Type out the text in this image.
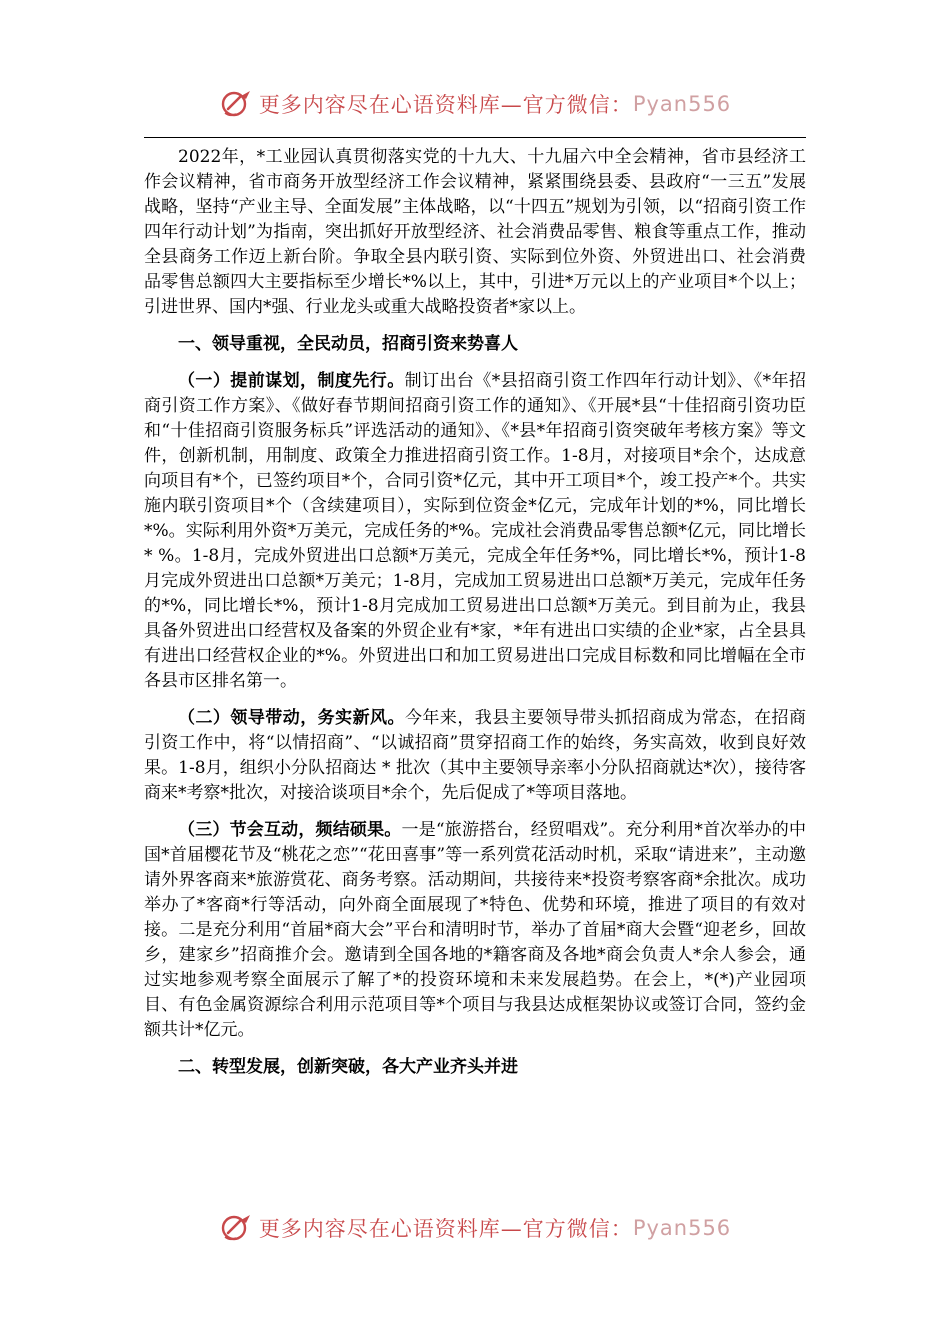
更多内容尽在心语资料库—官方微信： Pyan556

2022年，*工业园认真贯彻落实党的十九大、十九届六中全会精神，省市县经济工作会议精神，省市商务开放型经济工作会议精神，紧紧围绕县委、县政府“一三五”发展战略，坚持“产业主导、全面发展”主体战略，以“十四五”规划为引领，以“招商引资工作四年行动计划”为指南，突出抓好开放型经济、社会消费品零售、粮食等重点工作，推动全县商务工作迈上新台阶。争取全县内联引资、实际到位外资、外贸进出口、社会消费品零售总额四大主要指标至少增长*%以上，其中，引进*万元以上的产业项目*个以上；引进世界、国内*强、行业龙头或重大战略投资者*家以上。

一、领导重视，全民动员，招商引资来势喜人

（一）提前谋划，制度先行。制订出台《*县招商引资工作四年行动计划》、《*年招商引资工作方案》、《做好春节期间招商引资工作的通知》、《开展*县“十佳招商引资功臣和“十佳招商引资服务标兵”评选活动的通知》、《*县*年招商引资突破年考核方案》等文件，创新机制，用制度、政策全力推进招商引资工作。1-8月，对接项目*余个，达成意向项目有*个，已签约项目*个，合同引资*亿元，其中开工项目*个，竣工投产*个。共实施内联引资项目*个（含续建项目），实际到位资金*亿元，完成年计划的*%，同比增长*%。实际利用外资*万美元，完成任务的*%。完成社会消费品零售总额*亿元，同比增长* %。1-8月，完成外贸进出口总额*万美元，完成全年任务*%，同比增长*%，预计1-8月完成外贸进出口总额*万美元；1-8月，完成加工贸易进出口总额*万美元，完成年任务的*%，同比增长*%，预计1-8月完成加工贸易进出口总额*万美元。到目前为止，我县具备外贸进出口经营权及备案的外贸企业有*家，*年有进出口实绩的企业*家，占全县具有进出口经营权企业的*%。外贸进出口和加工贸易进出口完成目标数和同比增幅在全市各县市区排名第一。

（二）领导带动，务实新风。今年来，我县主要领导带头抓招商成为常态，在招商引资工作中，将“以情招商”、“以诚招商”贯穿招商工作的始终，务实高效，收到良好效果。1-8月，组织小分队招商达 * 批次（其中主要领导亲率小分队招商就达*次），接待客商来*考察*批次，对接洽谈项目*余个，先后促成了*等项目落地。

（三）节会互动，频结硕果。一是“旅游搭台，经贸唱戏”。充分利用*首次举办的中国*首届樱花节及“桃花之恋”“花田喜事”等一系列赏花活动时机，采取“请进来”，主动邀请外界客商来*旅游赏花、商务考察。活动期间，共接待来*投资考察客商*余批次。成功举办了*客商*行等活动，向外商全面展现了*特色、优势和环境，推进了项目的有效对接。二是充分利用“首届*商大会”平台和清明时节，举办了首届*商大会暨“迎老乡，回故乡，建家乡”招商推介会。邀请到全国各地的*籍客商及各地*商会负责人*余人参会，通过实地参观考察全面展示了解了*的投资环境和未来发展趋势。在会上，*(*)产业园项目、有色金属资源综合利用示范项目等*个项目与我县达成框架协议或签订合同，签约金额共计*亿元。

二、转型发展，创新突破，各大产业齐头并进

更多内容尽在心语资料库—官方微信： Pyan556
